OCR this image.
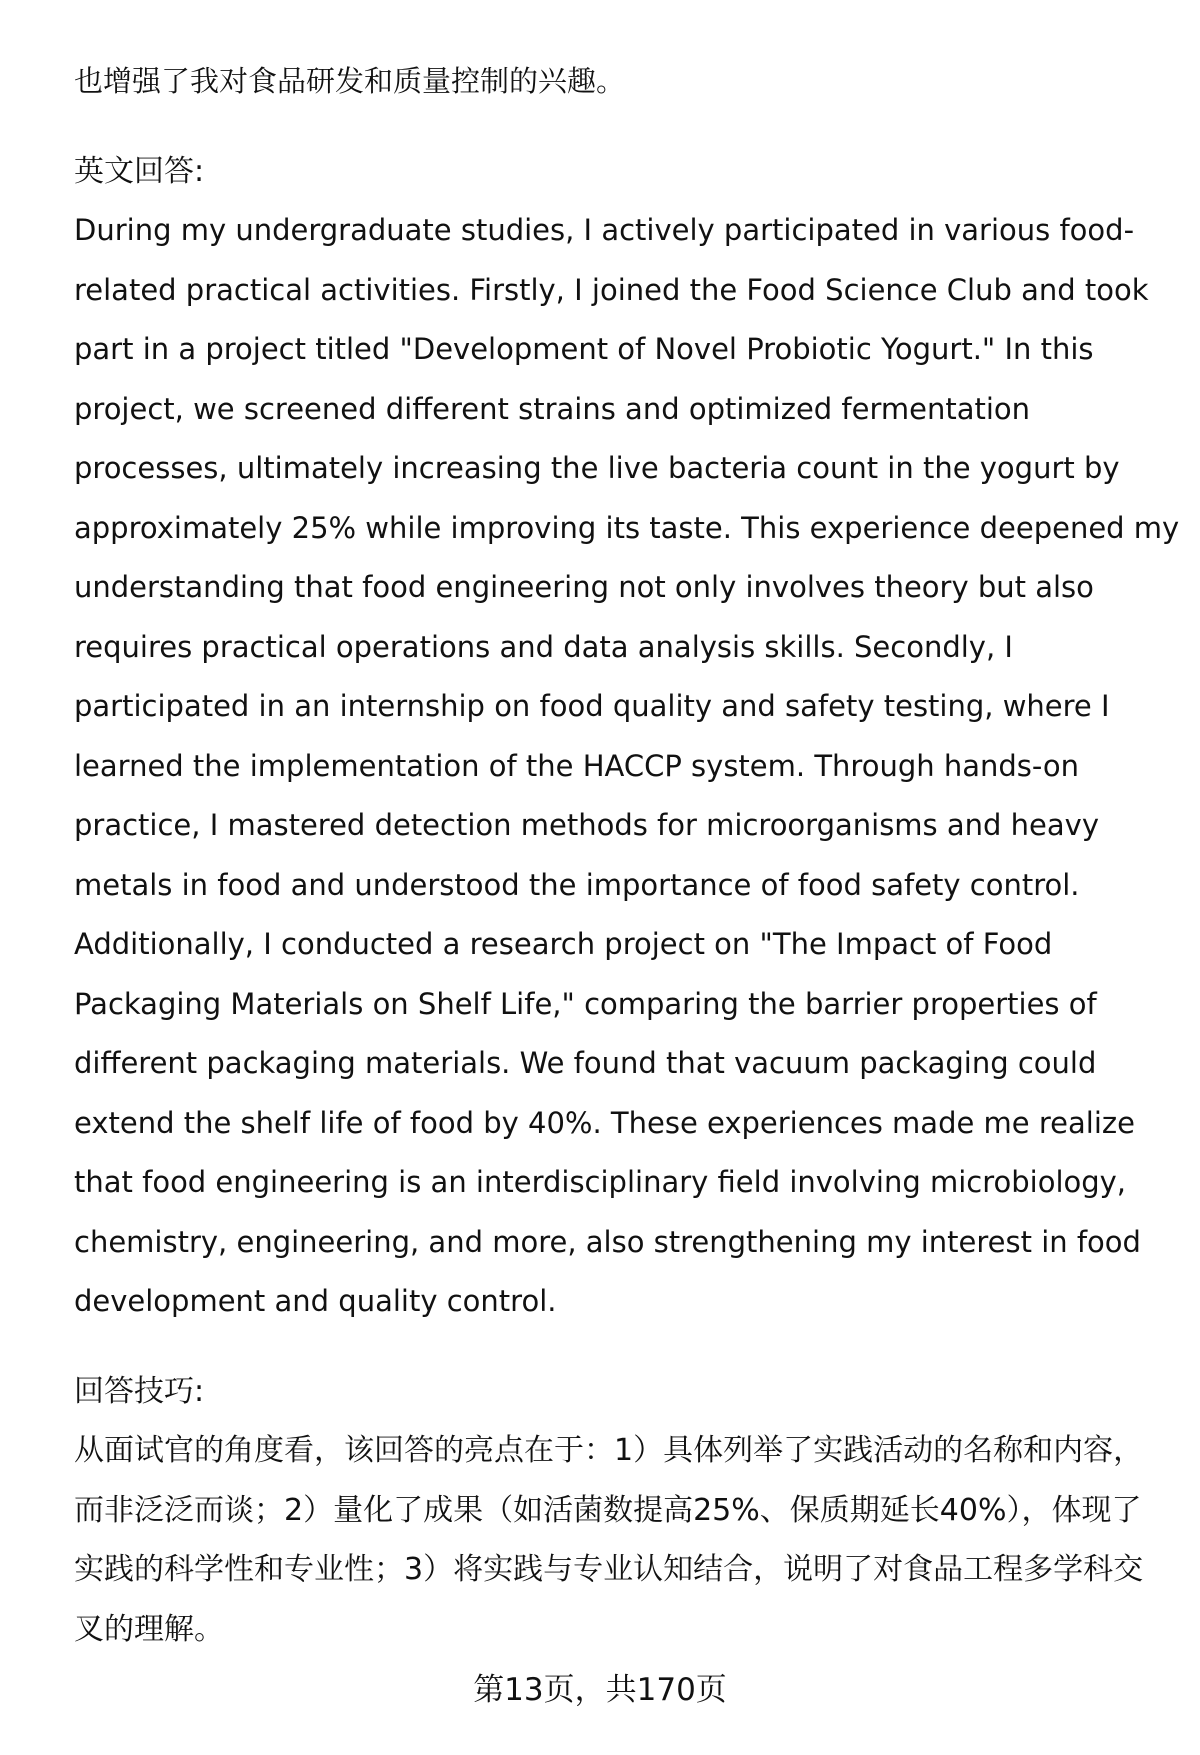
也增强了我对食品研发和质量控制的兴趣。
英文回答:
During my undergraduate studies, I actively participated in various food-
related practical activities. Firstly, I joined the Food Science Club and took
part in a project titled "Development of Novel Probiotic Yogurt." In this
project, we screened different strains and optimized fermentation
processes, ultimately increasing the live bacteria count in the yogurt by
approximately 25% while improving its taste. This experience deepened my
understanding that food engineering not only involves theory but also
requires practical operations and data analysis skills. Secondly, I
participated in an internship on food quality and safety testing, where I
learned the implementation of the HACCP system. Through hands-on
practice, I mastered detection methods for microorganisms and heavy
metals in food and understood the importance of food safety control.
Additionally, I conducted a research project on "The Impact of Food
Packaging Materials on Shelf Life," comparing the barrier properties of
different packaging materials. We found that vacuum packaging could
extend the shelf life of food by 40%. These experiences made me realize
that food engineering is an interdisciplinary field involving microbiology,
chemistry, engineering, and more, also strengthening my interest in food
development and quality control.
回答技巧:
从面试官的角度看，该回答的亮点在于：1）具体列举了实践活动的名称和内容，
而非泛泛而谈；2）量化了成果（如活菌数提高25%、保质期延长40%），体现了
实践的科学性和专业性；3）将实践与专业认知结合，说明了对食品工程多学科交
叉的理解。
第13页，共170页
